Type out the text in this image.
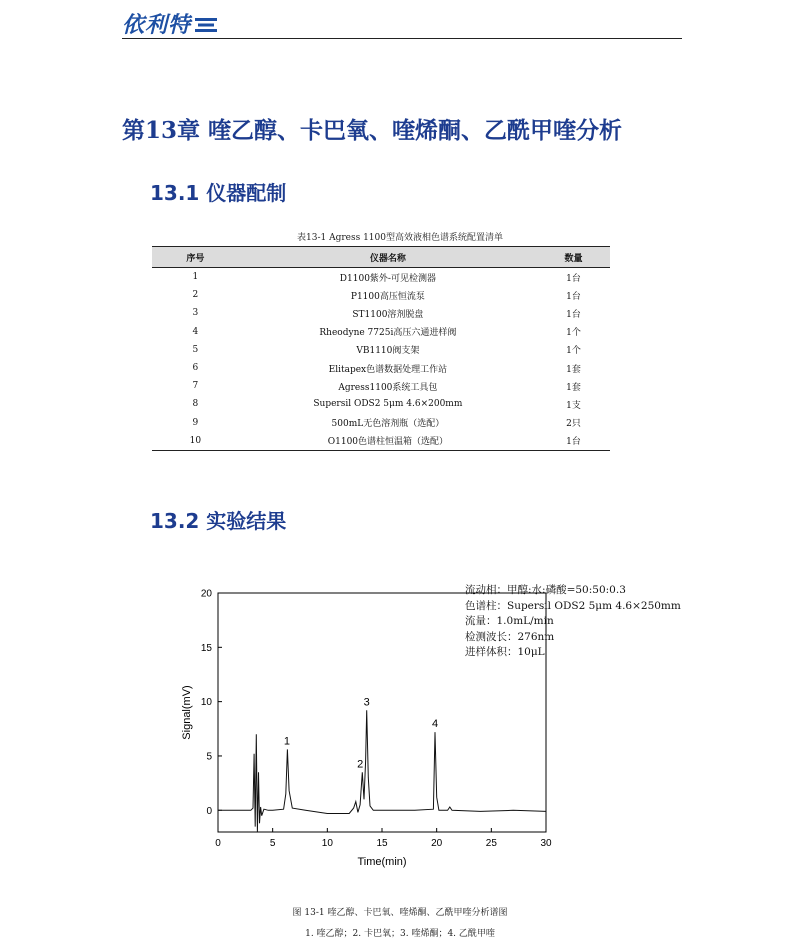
依利特
第13章 喹乙醇、卡巴氧、喹烯酮、乙酰甲喹分析
13.1 仪器配制
表13-1 Agress 1100型高效液相色谱系统配置清单
序号	仪器名称	数量
1	D1100紫外-可见检测器	1台
2	P1100高压恒流泵	1台
3	ST1100溶剂脱盘	1台
4	Rheodyne 7725i高压六通进样阀	1个
5	VB1110阀支架	1个
6	Elitapex色谱数据处理工作站	1套
7	Agress1100系统工具包	1套
8	Supersil ODS2 5μm 4.6×200mm	1支
9	500mL无色溶剂瓶（选配）	2只
10	O1100色谱柱恒温箱（选配）	1台
13.2 实验结果
0	5	10	15	20	25	30
0
5
10
15
20
Time(min)
Signal(mV)
1
2
3
4
流动相：甲醇:水:磷酸=50:50:0.3
色谱柱：Supersil ODS2 5μm 4.6×250mm
流量：1.0mL/min
检测波长：276nm
进样体积：10μL
图 13-1 喹乙醇、卡巴氧、喹烯酮、乙酰甲喹分析谱图
1. 喹乙醇；2. 卡巴氧；3. 喹烯酮；4. 乙酰甲喹
